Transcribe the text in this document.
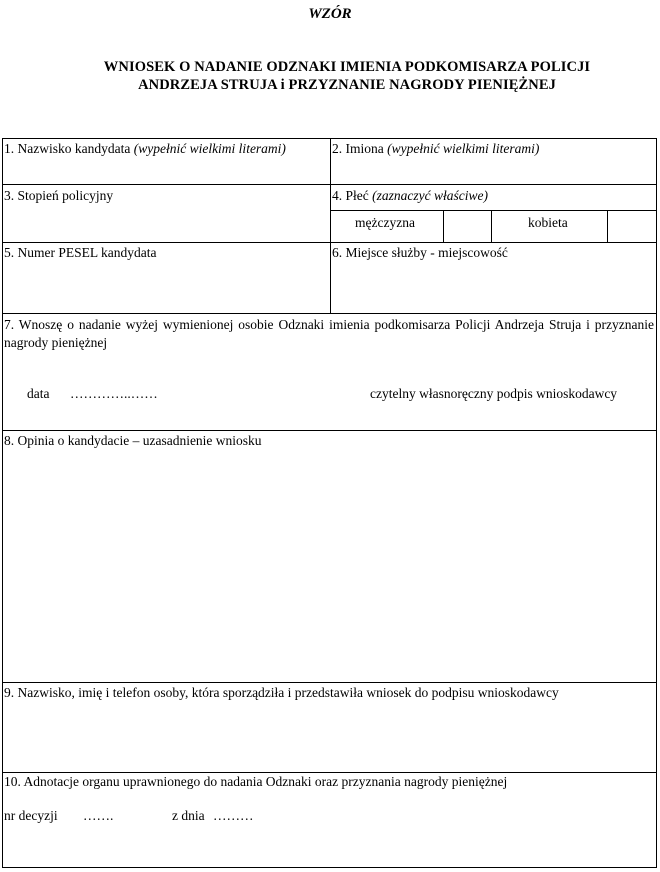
WZÓR
WNIOSEK O NADANIE ODZNAKI IMIENIA PODKOMISARZA POLICJI
ANDRZEJA STRUJA i PRZYZNANIE NAGRODY PIENIĘŻNEJ
1. Nazwisko kandydata (wypełnić wielkimi literami)	2. Imiona (wypełnić wielkimi literami)
3. Stopień policyjny	4. Płeć (zaznaczyć właściwe)
mężczyzna	kobieta
5. Numer PESEL kandydata	6. Miejsce służby - miejscowość
7. Wnoszę o nadanie wyżej wymienionej osobie Odznaki imienia podkomisarza Policji Andrzeja Struja i przyznanie nagrody pieniężnej
data …………..……	czytelny własnoręczny podpis wnioskodawcy
8. Opinia o kandydacie – uzasadnienie wniosku
9. Nazwisko, imię i telefon osoby, która sporządziła i przedstawiła wniosek do podpisu wnioskodawcy
10. Adnotacje organu uprawnionego do nadania Odznaki oraz przyznania nagrody pieniężnej
nr decyzji …….	z dnia ………
